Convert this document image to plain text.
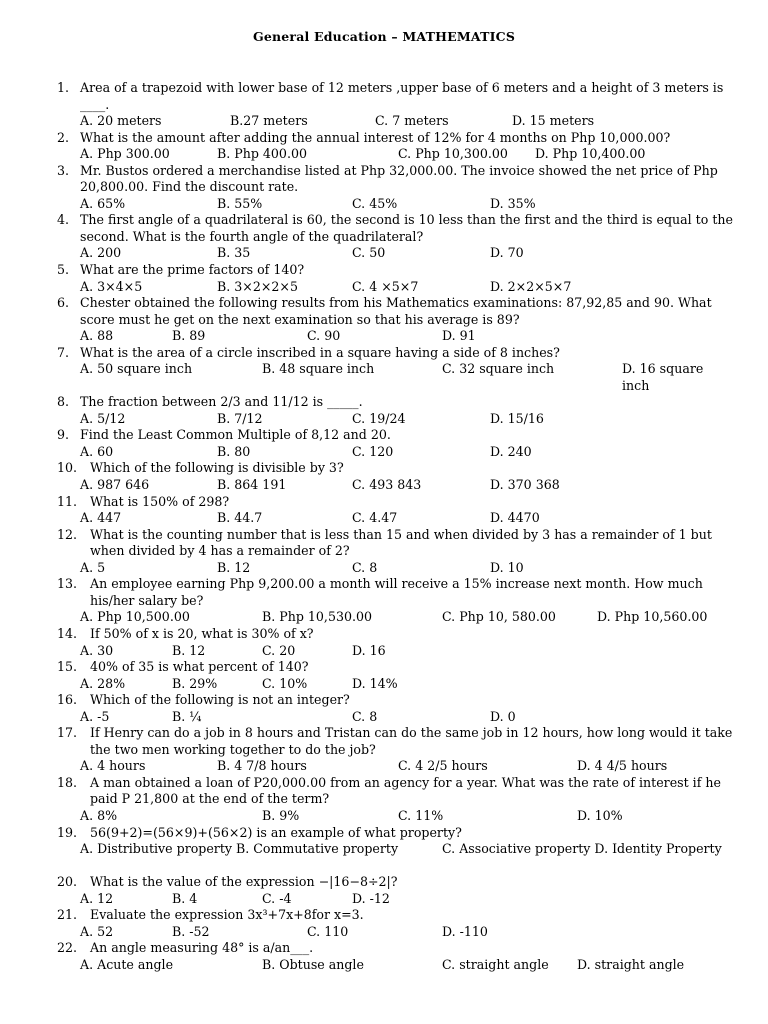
General Education – MATHEMATICS
1. Area of a trapezoid with lower base of 12 meters ,upper base of 6 meters and a height of 3 meters is ____.
A. 20 meters	B.27 meters	C. 7 meters	D. 15 meters
2. What is the amount after adding the annual interest of 12% for 4 months on Php 10,000.00?
A. Php 300.00	B. Php 400.00	C. Php 10,300.00 D. Php 10,400.00
3. Mr. Bustos ordered a merchandise listed at Php 32,000.00. The invoice showed the net price of Php 20,800.00. Find the discount rate.
A. 65%	B. 55%	C. 45%	D. 35%
4. The first angle of a quadrilateral is 60, the second is 10 less than the first and the third is equal to the second. What is the fourth angle of the quadrilateral?
A. 200	B. 35	C. 50	D. 70
5. What are the prime factors of 140?
A. 3×4×5	B. 3×2×2×5	C. 4 ×5×7	D. 2×2×5×7
6. Chester obtained the following results from his Mathematics examinations: 87,92,85 and 90. What score must he get on the next examination so that his average is 89?
A. 88	B. 89	C. 90	D. 91
7. What is the area of a circle inscribed in a square having a side of 8 inches?
A. 50 square inch	B. 48 square inch	C. 32 square inch	D. 16 square inch
8. The fraction between 2/3 and 11/12 is _____.
A. 5/12	B. 7/12	C. 19/24	D. 15/16
9. Find the Least Common Multiple of 8,12 and 20.
A. 60	B. 80	C. 120	D. 240
10.	Which of the following is divisible by 3?
A. 987 646	B. 864 191	C. 493 843	D. 370 368
11.	What is 150% of 298?
A. 447	B. 44.7	C. 4.47	D. 4470
12.	What is the counting number that is less than 15 and when divided by 3 has a remainder of 1 but when divided by 4 has a remainder of 2?
A. 5	B. 12	C. 8	D. 10
13.	An employee earning Php 9,200.00 a month will receive a 15% increase next month. How much his/her salary be?
A. Php 10,500.00	B. Php 10,530.00	C. Php 10, 580.00	D. Php 10,560.00
14.	If 50% of x is 20, what is 30% of x?
A. 30	B. 12	C. 20	D. 16
15.	40% of 35 is what percent of 140?
A. 28%	B. 29%	C. 10%	D. 14%
16.	Which of the following is not an integer?
A. -5	B. ¼	C. 8	D. 0
17.	If Henry can do a job in 8 hours and Tristan can do the same job in 12 hours, how long would it take the two men working together to do the job?
A. 4 hours	B. 4 7/8 hours	C. 4 2/5 hours	D. 4 4/5 hours
18.	A man obtained a loan of P20,000.00 from an agency for a year. What was the rate of interest if he paid P 21,800 at the end of the term?
A. 8%	B. 9%	C. 11%	D. 10%
19.	56(9+2)=(56×9)+(56×2) is an example of what property?
A. Distributive property B. Commutative property	C. Associative property D. Identity Property
20.	What is the value of the expression −|16−8÷2|?
A. 12	B. 4	C. -4	D. -12
21.	Evaluate the expression 3x³+7x+8for x=3.
A. 52	B. -52	C. 110	D. -110
22.	An angle measuring 48° is a/an___.
A. Acute angle	B. Obtuse angle	C. straight angle D. straight angle
